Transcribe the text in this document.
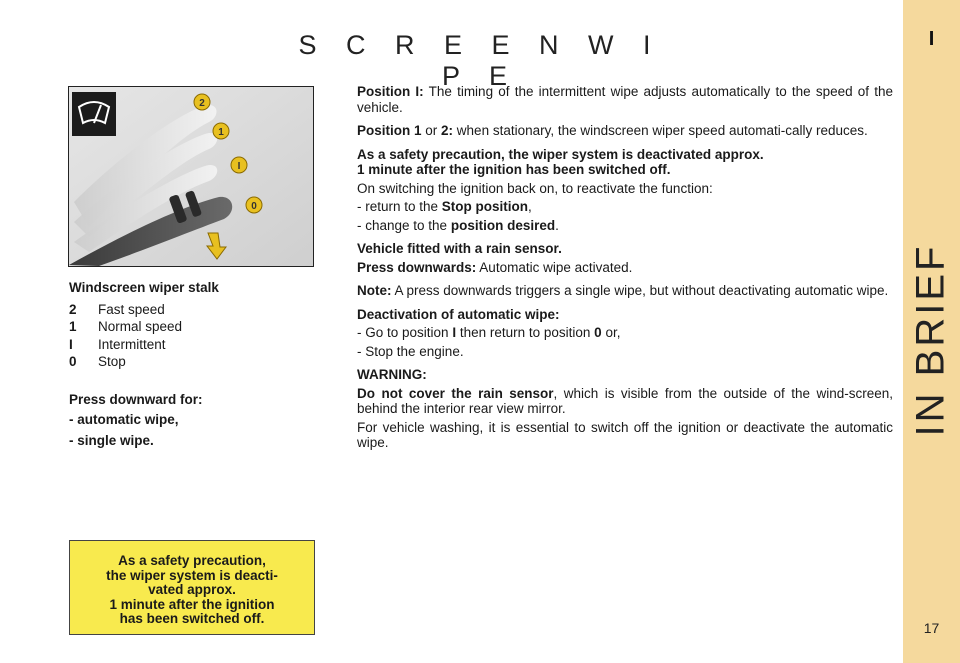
S C R E E N W I P E
I
IN BRIEF
17
2
1
I
0
Windscreen wiper stalk
2	Fast speed
1	Normal speed
I	Intermittent
0	Stop
Press downward for:
- automatic wipe,
- single wipe.
As a safety precaution,
the wiper system is deacti-
vated approx.
1 minute after the ignition
has been switched off.

Position I: The timing of the intermittent wipe adjusts automatically to the speed of the vehicle.

Position 1 or 2: when stationary, the windscreen wiper speed automati-cally reduces.

As a safety precaution, the wiper system is deactivated approx.
1 minute after the ignition has been switched off.

On switching the ignition back on, to reactivate the function:

- return to the Stop position,

- change to the position desired.

Vehicle fitted with a rain sensor.

Press downwards: Automatic wipe activated.

Note: A press downwards triggers a single wipe, but without deactivating automatic wipe.

Deactivation of automatic wipe:

- Go to position I then return to position 0 or,

- Stop the engine.

WARNING:

Do not cover the rain sensor, which is visible from the outside of the wind-screen, behind the interior rear view mirror.

For vehicle washing, it is essential to switch off the ignition or deactivate the automatic wipe.
